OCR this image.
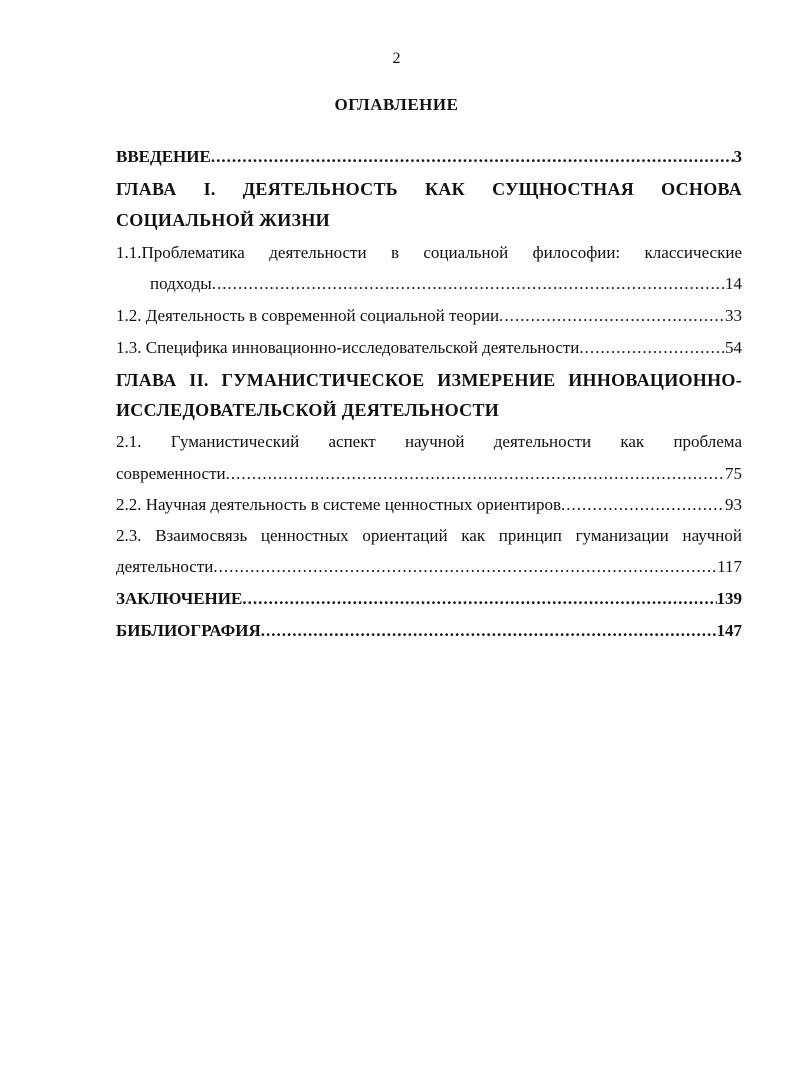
2
ОГЛАВЛЕНИЕ
ВВЕДЕНИЕ .....	3
ГЛАВА I. ДЕЯТЕЛЬНОСТЬ КАК СУЩНОСТНАЯ ОСНОВА
СОЦИАЛЬНОЙ ЖИЗНИ
1.1.Проблематика деятельности в социальной философии: классические
подходы .....	14
1.2. Деятельность в современной социальной теории .....	33
1.3. Специфика инновационно-исследовательской деятельности .....	54
ГЛАВА II. ГУМАНИСТИЧЕСКОЕ ИЗМЕРЕНИЕ ИННОВАЦИОННО-
ИССЛЕДОВАТЕЛЬСКОЙ ДЕЯТЕЛЬНОСТИ
2.1. Гуманистический аспект научной деятельности как проблема
современности .....	75
2.2. Научная деятельность в системе ценностных ориентиров .....	93
2.3. Взаимосвязь ценностных ориентаций как принцип гуманизации научной
деятельности .....	117
ЗАКЛЮЧЕНИЕ .....	139
БИБЛИОГРАФИЯ .....	147
